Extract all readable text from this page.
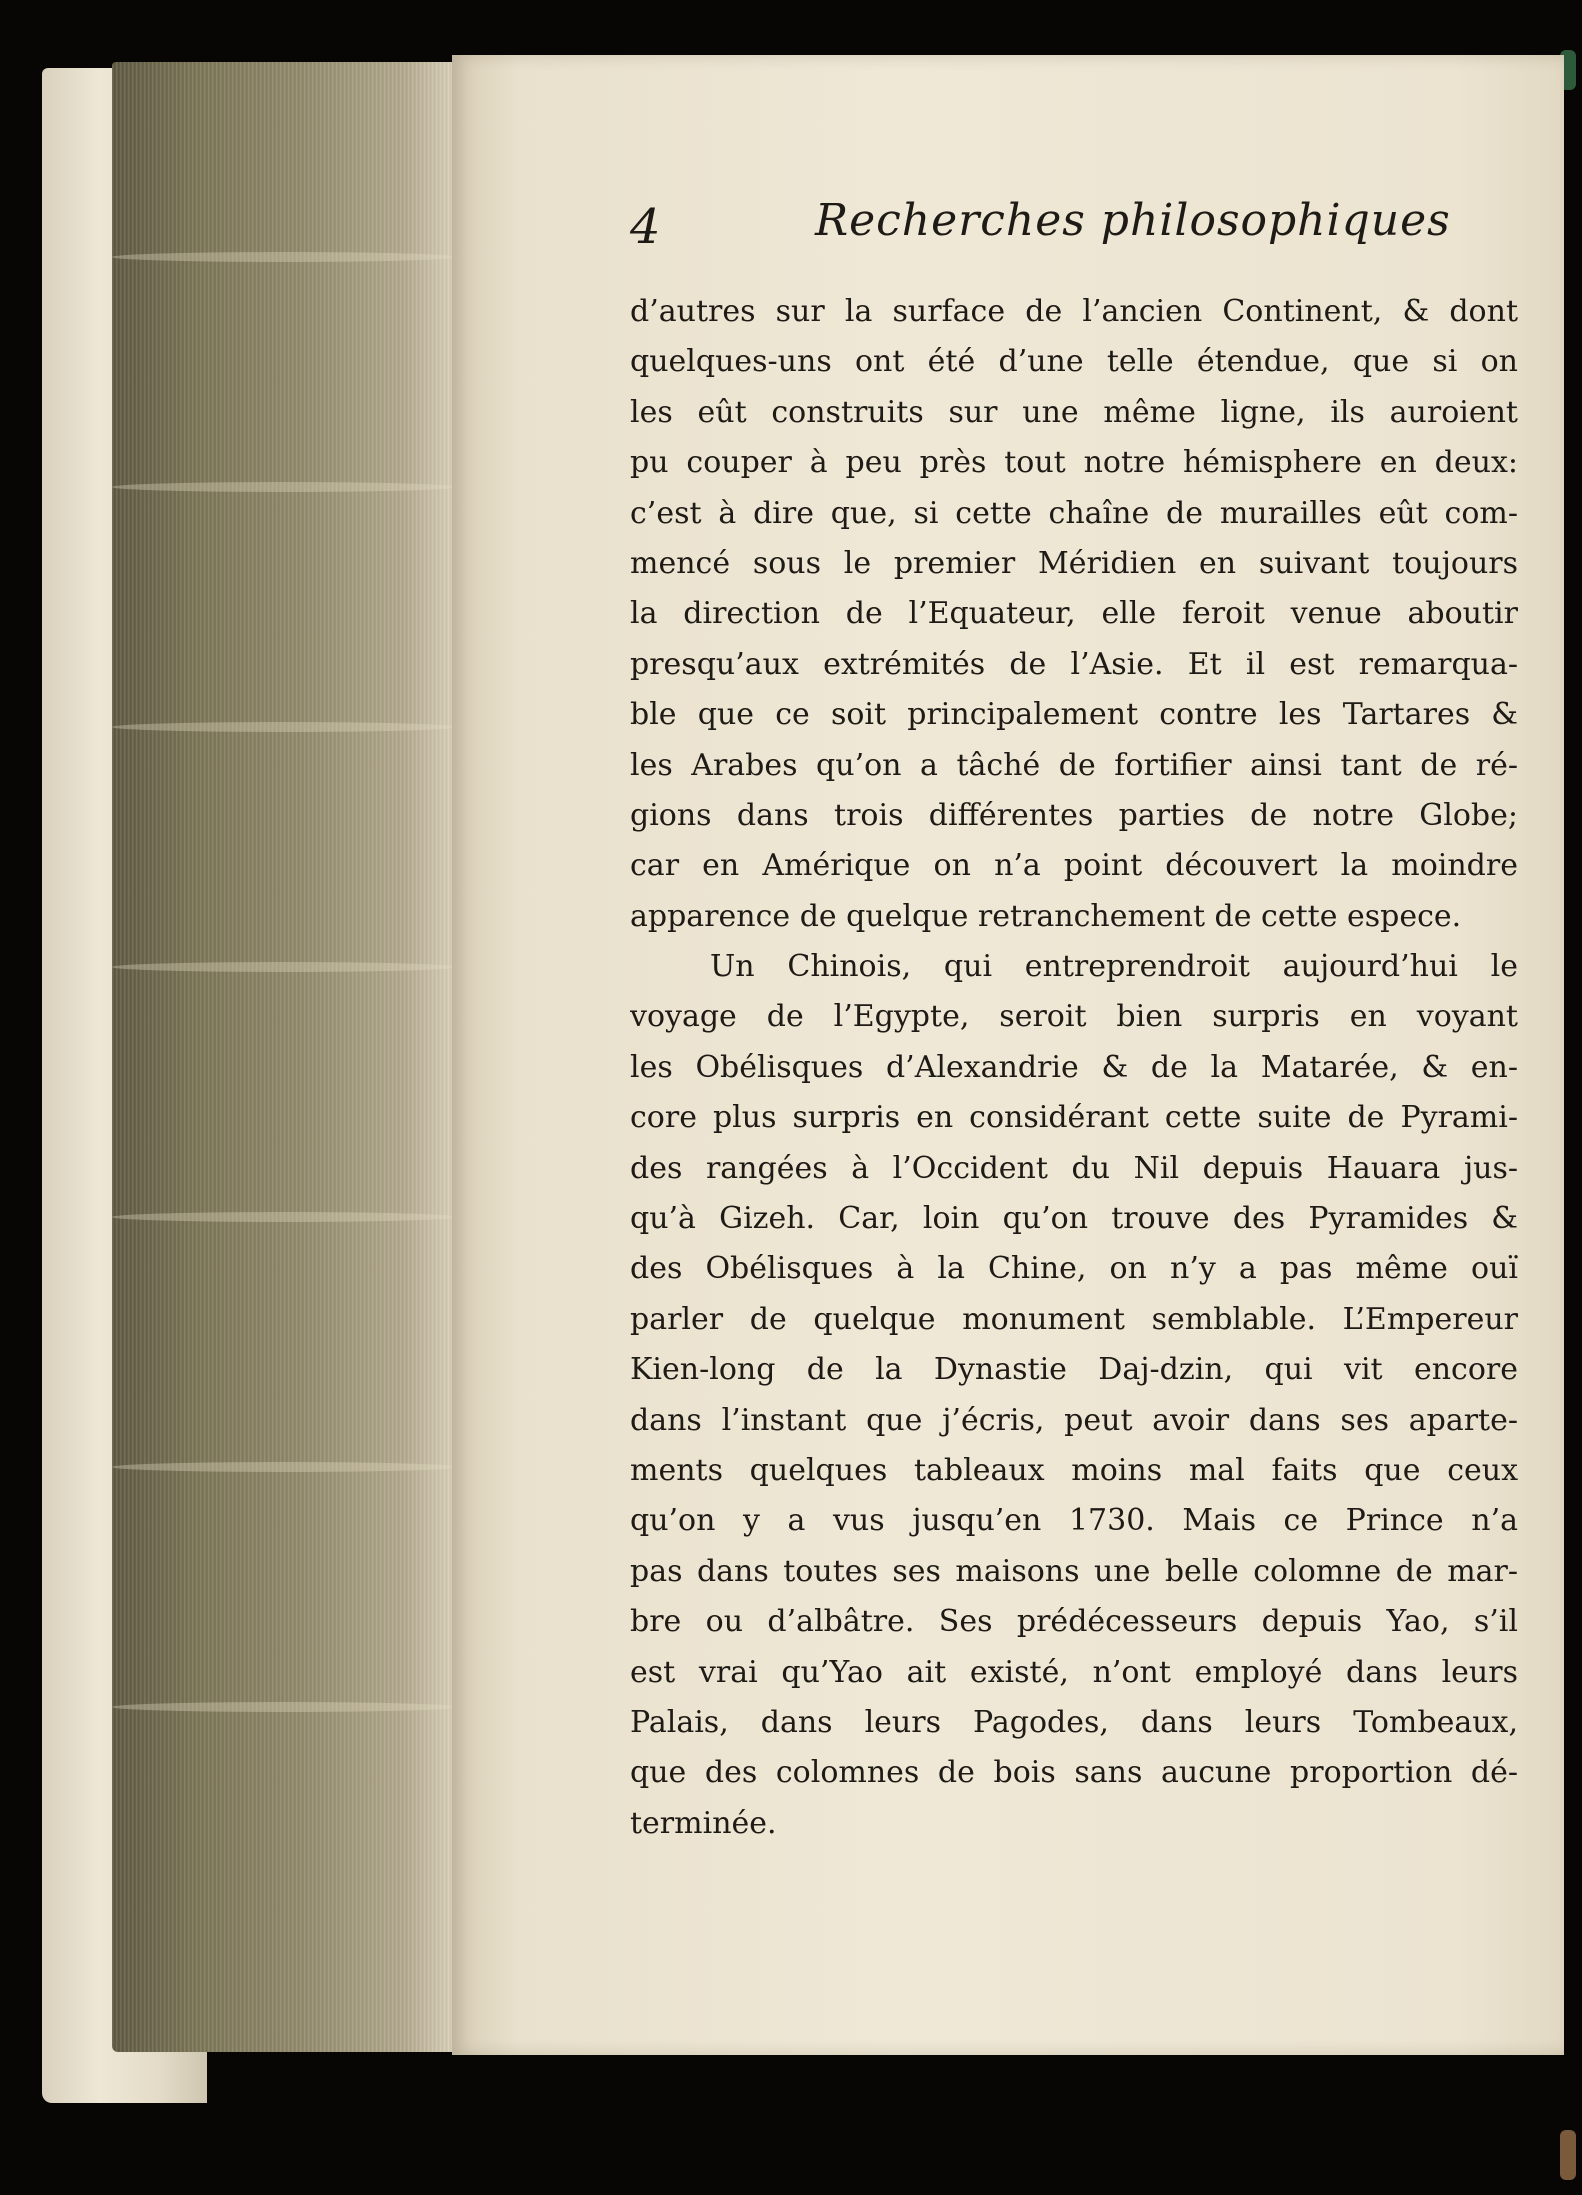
4	Recherches philosophiques
d’autres sur la surface de l’ancien Continent, & dont
quelques-uns ont été d’une telle étendue, que si on
les eût construits sur une même ligne, ils auroient
pu couper à peu près tout notre hémisphere en deux:
c’est à dire que, si cette chaîne de murailles eût com-
mencé sous le premier Méridien en suivant toujours
la direction de l’Equateur, elle feroit venue aboutir
presqu’aux extrémités de l’Asie. Et il est remarqua-
ble que ce soit principalement contre les Tartares &
les Arabes qu’on a tâché de fortifier ainsi tant de ré-
gions dans trois différentes parties de notre Globe;
car en Amérique on n’a point découvert la moindre
apparence de quelque retranchement de cette espece.
Un Chinois, qui entreprendroit aujourd’hui le
voyage de l’Egypte, seroit bien surpris en voyant
les Obélisques d’Alexandrie & de la Matarée, & en-
core plus surpris en considérant cette suite de Pyrami-
des rangées à l’Occident du Nil depuis Hauara jus-
qu’à Gizeh. Car, loin qu’on trouve des Pyramides &
des Obélisques à la Chine, on n’y a pas même ouï
parler de quelque monument semblable. L’Empereur
Kien-long de la Dynastie Daj-dzin, qui vit encore
dans l’instant que j’écris, peut avoir dans ses aparte-
ments quelques tableaux moins mal faits que ceux
qu’on y a vus jusqu’en 1730. Mais ce Prince n’a
pas dans toutes ses maisons une belle colomne de mar-
bre ou d’albâtre. Ses prédécesseurs depuis Yao, s’il
est vrai qu’Yao ait existé, n’ont employé dans leurs
Palais, dans leurs Pagodes, dans leurs Tombeaux,
que des colomnes de bois sans aucune proportion dé-
terminée.
